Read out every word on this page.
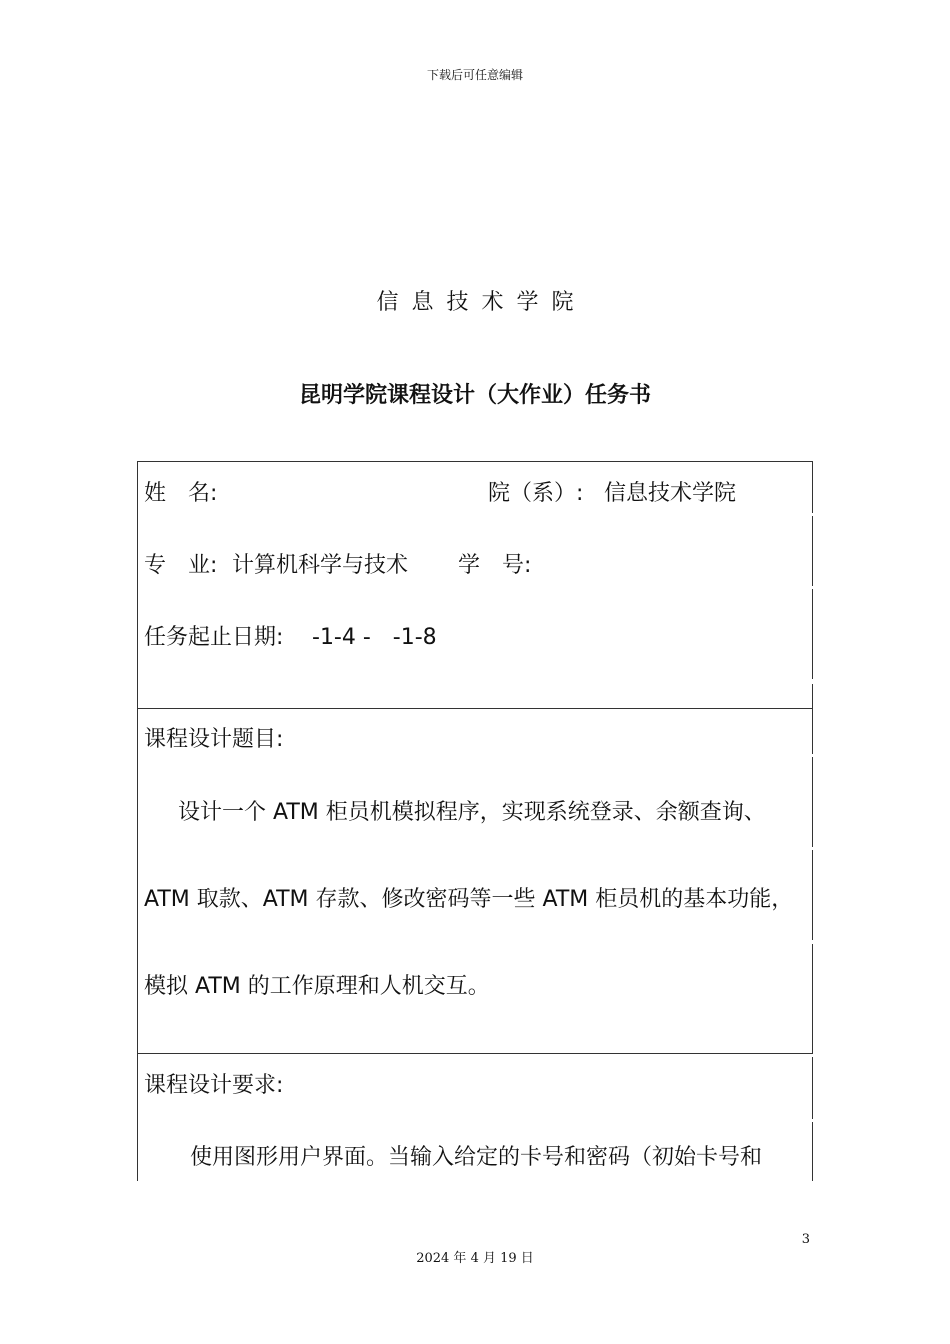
下载后可任意编辑
信息技术学院
昆明学院课程设计（大作业）任务书
姓　名:	院（系）: 信息技术学院
专　业: 计算机科学与技术 学　号:
任务起止日期: -1-4 -　-1-8
课程设计题目:
设计一个 ATM 柜员机模拟程序，实现系统登录、余额查询、
ATM 取款、ATM 存款、修改密码等一些 ATM 柜员机的基本功能，
模拟 ATM 的工作原理和人机交互。
课程设计要求:
使用图形用户界面。当输入给定的卡号和密码（初始卡号和
3
2024 年 4 月 19 日
